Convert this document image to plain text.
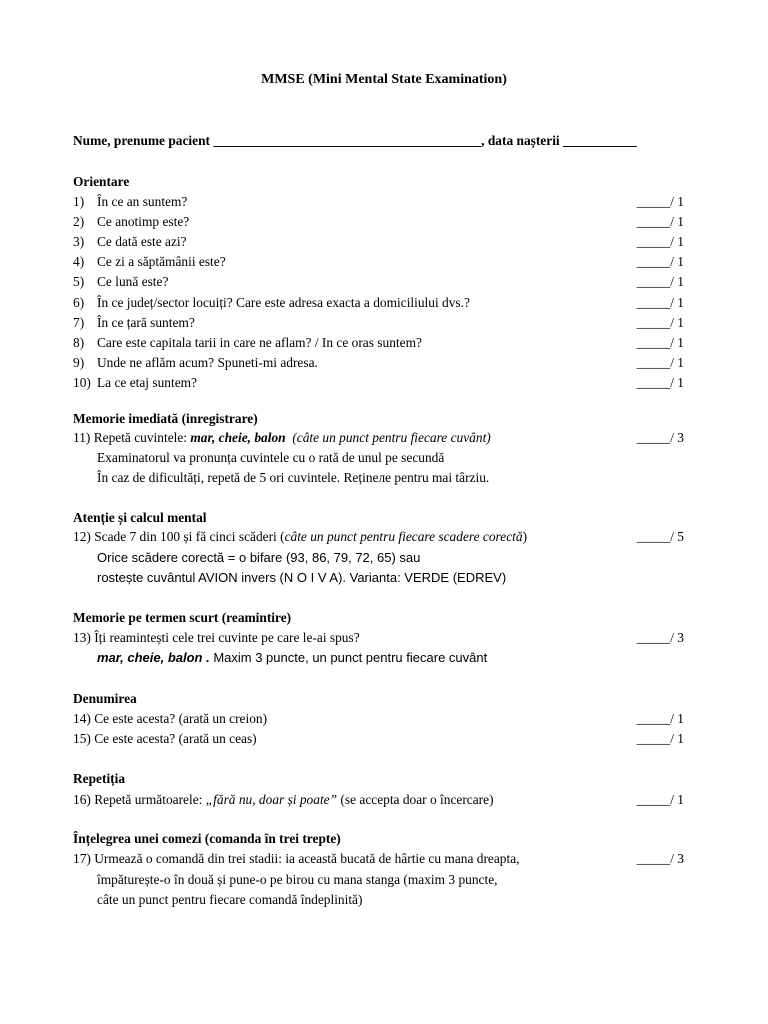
MMSE (Mini Mental State Examination)
Nume, prenume pacient ________________________________________, data nașterii ___________
Orientare
1) În ce an suntem?	_____/ 1
2) Ce anotimp este?	_____/ 1
3) Ce dată este azi?	_____/ 1
4) Ce zi a săptămânii este?	_____/ 1
5) Ce lună este?	_____/ 1
6) În ce județ/sector locuiți? Care este adresa exacta a domiciliului dvs.?	_____/ 1
7) În ce țară suntem?	_____/ 1
8) Care este capitala tarii in care ne aflam? / In ce oras suntem?	_____/ 1
9) Unde ne aflăm acum? Spuneti-mi adresa.	_____/ 1
10) La ce etaj suntem?	_____/ 1
Memorie imediată (inregistrare)
11) Repetă cuvintele: mar, cheie, balon (câte un punct pentru fiecare cuvânt)	_____/ 3
Examinatorul va pronunța cuvintele cu o rată de unul pe secundă
În caz de dificultăți, repetă de 5 ori cuvintele. Rețineле pentru mai târziu.
Atenție și calcul mental
12) Scade 7 din 100 și fă cinci scăderi (câte un punct pentru fiecare scadere corectă)	_____/ 5
Orice scădere corectă = o bifare (93, 86, 79, 72, 65) sau
rostește cuvântul AVION invers (N O I V A). Varianta: VERDE (EDREV)
Memorie pe termen scurt (reamintire)
13) Îți reamintești cele trei cuvinte pe care le-ai spus?	_____/ 3
mar, cheie, balon . Maxim 3 puncte, un punct pentru fiecare cuvânt
Denumirea
14) Ce este acesta? (arată un creion)	_____/ 1
15) Ce este acesta? (arată un ceas)	_____/ 1
Repetiția
16) Repetă următoarele: „fără nu, doar și poate” (se accepta doar o încercare)	_____/ 1
Înțelegrea unei comezi (comanda în trei trepte)
17) Urmează o comandă din trei stadii: ia această bucată de hârtie cu mana dreapta,	_____/ 3
împăturește-o în două și pune-o pe birou cu mana stanga (maxim 3 puncte,
câte un punct pentru fiecare comandă îndeplinită)
